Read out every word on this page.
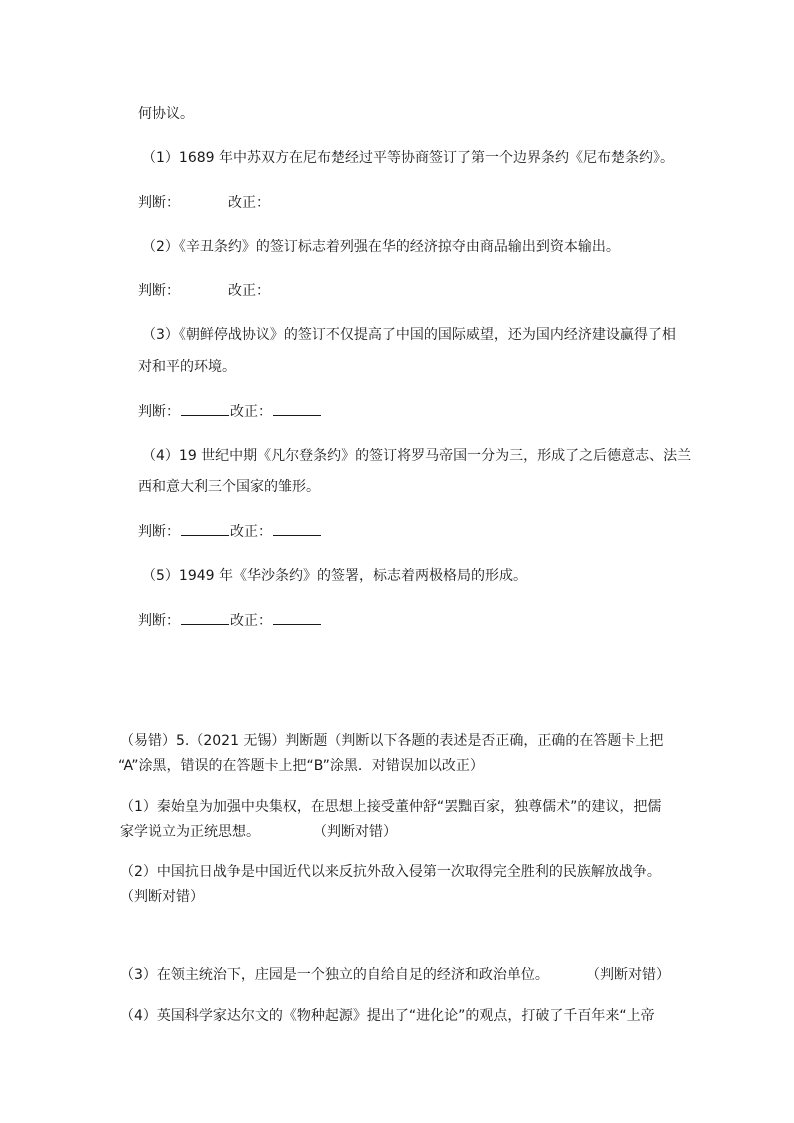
何协议。
（1）1689 年中苏双方在尼布楚经过平等协商签订了第一个边界条约《尼布楚条约》。
判断：	改正：
（2）《辛丑条约》的签订标志着列强在华的经济掠夺由商品输出到资本输出。
判断：	改正：
（3）《朝鲜停战协议》的签订不仅提高了中国的国际威望，还为国内经济建设赢得了相
对和平的环境。
判断：	改正：
（4）19 世纪中期《凡尔登条约》的签订将罗马帝国一分为三，形成了之后德意志、法兰
西和意大利三个国家的雏形。
判断：	改正：
（5）1949 年《华沙条约》的签署，标志着两极格局的形成。
判断：	改正：
（易错）5.（2021 无锡）判断题（判断以下各题的表述是否正确，正确的在答题卡上把
“A”涂黑，错误的在答题卡上把“B”涂黑．对错误加以改正）
（1）秦始皇为加强中央集权，在思想上接受董仲舒“罢黜百家，独尊儒术”的建议，把儒
家学说立为正统思想。	（判断对错）
（2）中国抗日战争是中国近代以来反抗外敌入侵第一次取得完全胜利的民族解放战争。
（判断对错）
（3）在领主统治下，庄园是一个独立的自给自足的经济和政治单位。	（判断对错）
（4）英国科学家达尔文的《物种起源》提出了“进化论”的观点，打破了千百年来“上帝
